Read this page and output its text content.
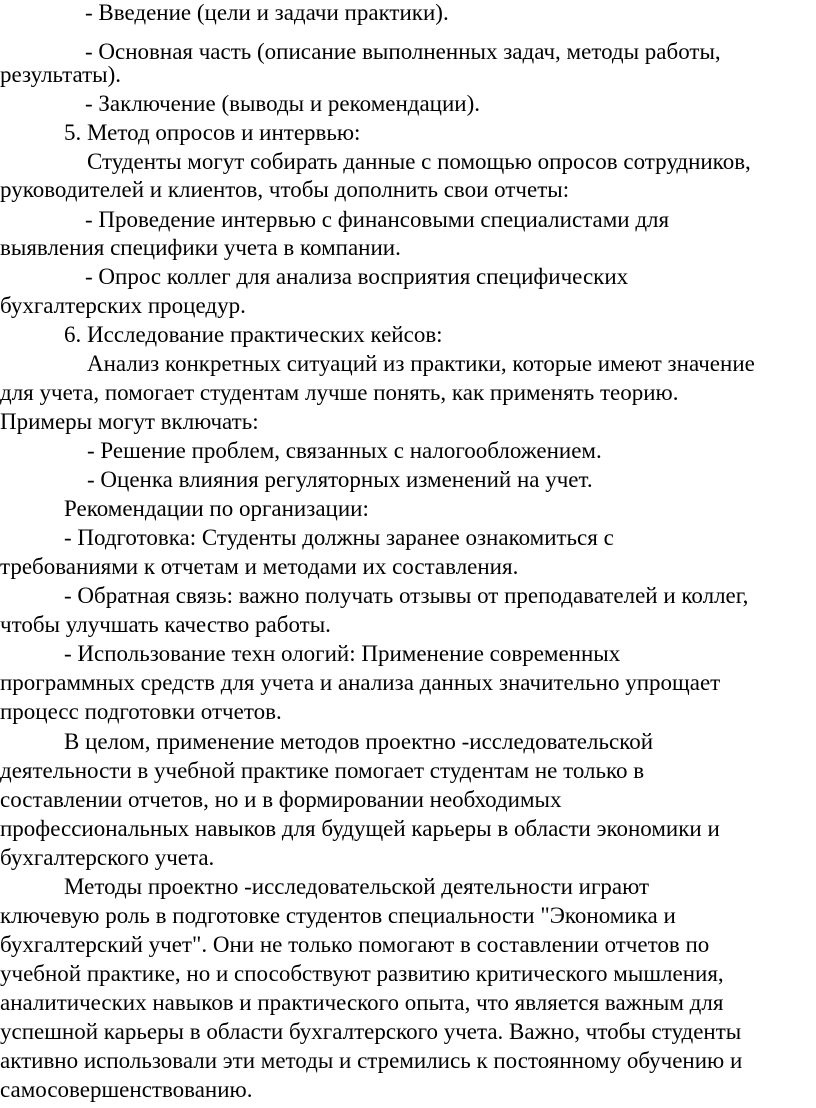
- Введение (цели и задачи практики).
- Основная часть (описание выполненных задач, методы работы,
результаты).
- Заключение (выводы и рекомендации).
5. Метод опросов и интервью:
Студенты могут собирать данные с помощью опросов сотрудников,
руководителей и клиентов, чтобы дополнить свои отчеты:
- Проведение интервью с финансовыми специалистами для
выявления специфики учета в компании.
- Опрос коллег для анализа восприятия специфических
бухгалтерских процедур.
6. Исследование практических кейсов:
Анализ конкретных ситуаций из практики, которые имеют значение
для учета, помогает студентам лучше понять, как применять теорию.
Примеры могут включать:
- Решение проблем, связанных с налогообложением.
- Оценка влияния регуляторных изменений на учет.
Рекомендации по организации:
- Подготовка: Студенты должны заранее ознакомиться с
требованиями к отчетам и методами их составления.
- Обратная связь: важно получать отзывы от преподавателей и коллег,
чтобы улучшать качество работы.
- Использование техн ологий: Применение современных
программных средств для учета и анализа данных значительно упрощает
процесс подготовки отчетов.
В целом, применение методов проектно -исследовательской
деятельности в учебной практике помогает студентам не только в
составлении отчетов, но и в формировании необходимых
профессиональных навыков для будущей карьеры в области экономики и
бухгалтерского учета.
Методы проектно -исследовательской деятельности играют
ключевую роль в подготовке студентов специальности "Экономика и
бухгалтерский учет". Они не только помогают в составлении отчетов по
учебной практике, но и способствуют развитию критического мышления,
аналитических навыков и практического опыта, что является важным для
успешной карьеры в области бухгалтерского учета. Важно, чтобы студенты
активно использовали эти методы и стремились к постоянному обучению и
самосовершенствованию.
